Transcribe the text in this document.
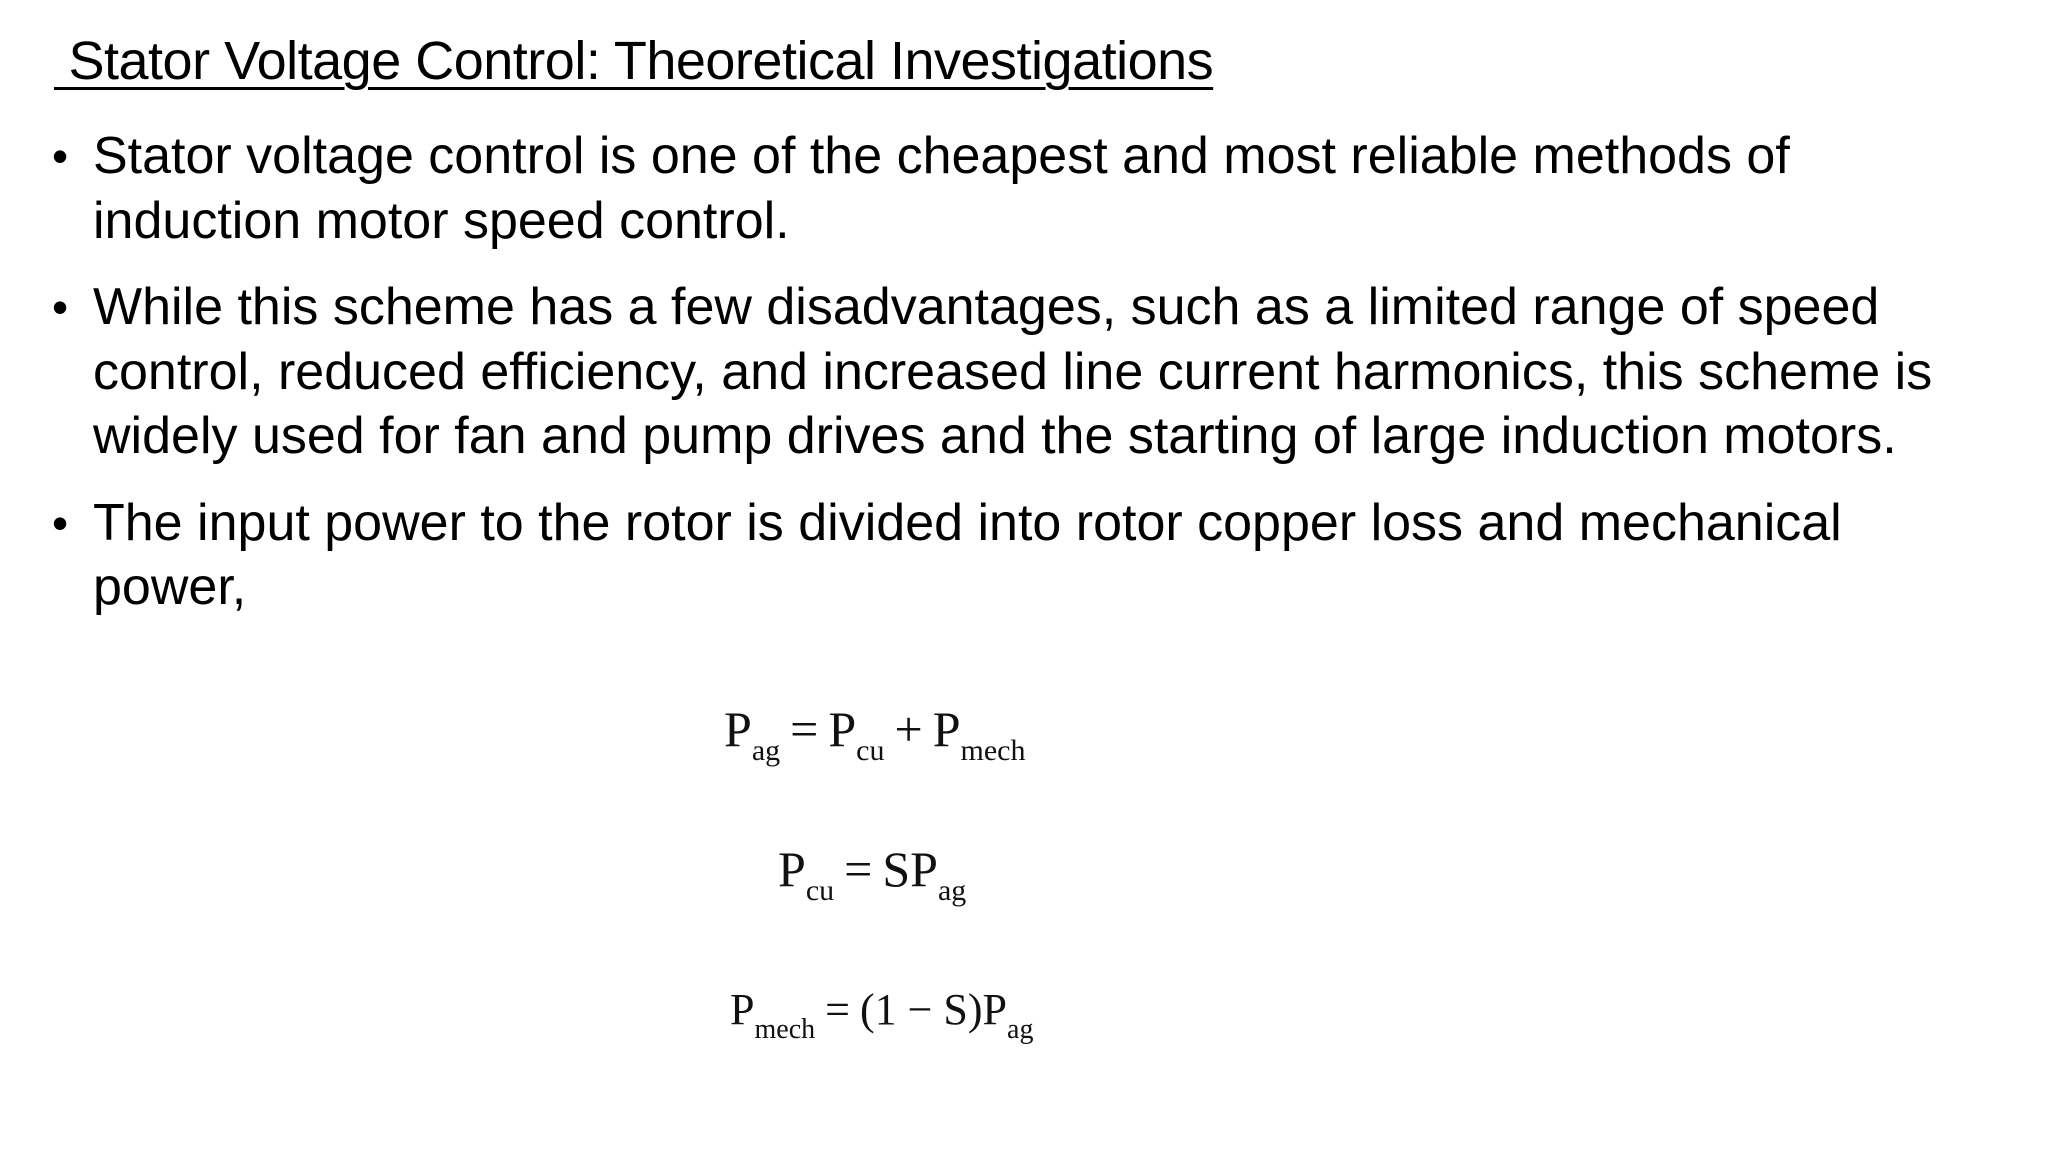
Stator Voltage Control: Theoretical Investigations
• Stator voltage control is one of the cheapest and most reliable methods of induction motor speed control.
• While this scheme has a few disadvantages, such as a limited range of speed control, reduced efficiency, and increased line current harmonics, this scheme is widely used for fan and pump drives and the starting of large induction motors.
• The input power to the rotor is divided into rotor copper loss and mechanical power,
$P_{ag} = P_{cu} + P_{mech}$
$P_{cu} = SP_{ag}$
$P_{mech} = (1 - S)P_{ag}$
